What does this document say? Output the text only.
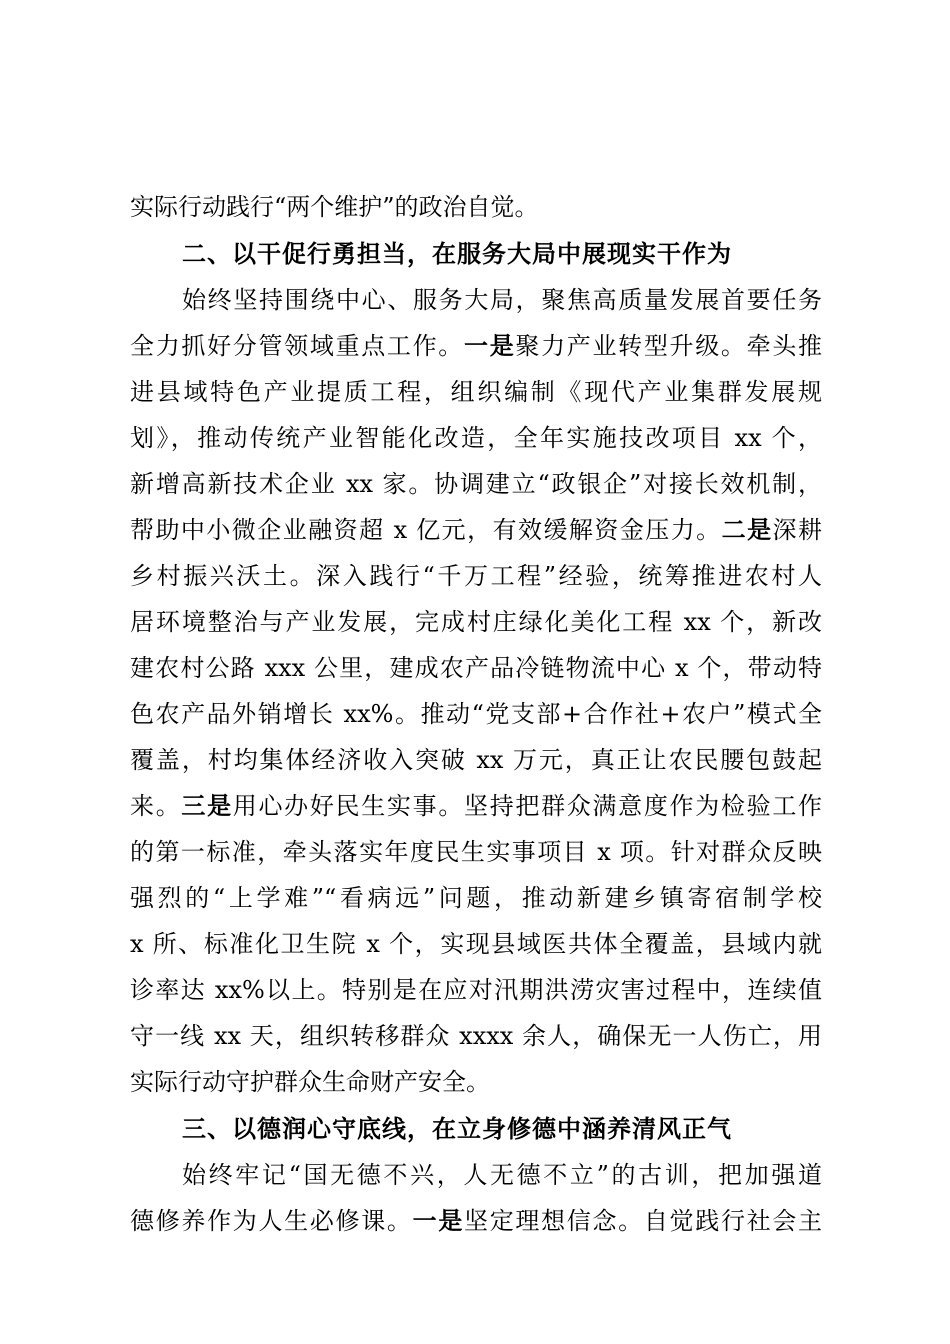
实际行动践行“两个维护”的政治自觉。
二、以干促行勇担当，在服务大局中展现实干作为
始终坚持围绕中心、服务大局，聚焦高质量发展首要任务
全力抓好分管领域重点工作。一是聚力产业转型升级。牵头推
进县域特色产业提质工程，组织编制《现代产业集群发展规
划》，推动传统产业智能化改造，全年实施技改项目 xx 个，
新增高新技术企业 xx 家。协调建立“政银企”对接长效机制，
帮助中小微企业融资超 x 亿元，有效缓解资金压力。二是深耕
乡村振兴沃土。深入践行“千万工程”经验，统筹推进农村人
居环境整治与产业发展，完成村庄绿化美化工程 xx 个，新改
建农村公路 xxx 公里，建成农产品冷链物流中心 x 个，带动特
色农产品外销增长 xx%。推动“党支部+合作社+农户”模式全
覆盖，村均集体经济收入突破 xx 万元，真正让农民腰包鼓起
来。三是用心办好民生实事。坚持把群众满意度作为检验工作
的第一标准，牵头落实年度民生实事项目 x 项。针对群众反映
强烈的“上学难”“看病远”问题，推动新建乡镇寄宿制学校
x 所、标准化卫生院 x 个，实现县域医共体全覆盖，县域内就
诊率达 xx%以上。特别是在应对汛期洪涝灾害过程中，连续值
守一线 xx 天，组织转移群众 xxxx 余人，确保无一人伤亡，用
实际行动守护群众生命财产安全。
三、以德润心守底线，在立身修德中涵养清风正气
始终牢记“国无德不兴，人无德不立”的古训，把加强道
德修养作为人生必修课。一是坚定理想信念。自觉践行社会主
